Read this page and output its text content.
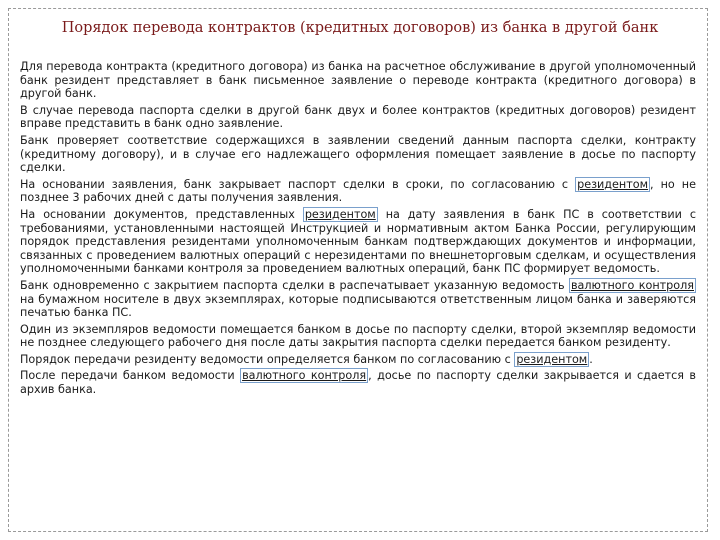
Порядок перевода контрактов (кредитных договоров) из банка в другой банк

Для перевода контракта (кредитного договора) из банка на расчетное обслуживание в другой уполномоченный банк резидент представляет в банк письменное заявление о переводе контракта (кредитного договора) в другой банк.

В случае перевода паспорта сделки в другой банк двух и более контрактов (кредитных договоров) резидент вправе представить в банк одно заявление.

Банк проверяет соответствие содержащихся в заявлении сведений данным паспорта сделки, контракту (кредитному договору), и в случае его надлежащего оформления помещает заявление в досье по паспорту сделки.

На основании заявления, банк закрывает паспорт сделки в сроки, по согласованию с резидентом , но не позднее 3 рабочих дней с даты получения заявления.

На основании документов, представленных резидентом на дату заявления в банк ПС в соответствии с требованиями, установленными настоящей Инструкцией и нормативным актом Банка России, регулирующим порядок представления резидентами уполномоченным банкам подтверждающих документов и информации, связанных с проведением валютных операций с нерезидентами по внешнеторговым сделкам, и осуществления уполномоченными банками контроля за проведением валютных операций, банк ПС формирует ведомость.

Банк одновременно с закрытием паспорта сделки в распечатывает указанную ведомость валютного контроля на бумажном носителе в двух экземплярах, которые подписываются ответственным лицом банка и заверяются печатью банка ПС.

Один из экземпляров ведомости помещается банком в досье по паспорту сделки, второй экземпляр ведомости не позднее следующего рабочего дня после даты закрытия паспорта сделки передается банком резиденту.

Порядок передачи резиденту ведомости определяется банком по согласованию с резидентом .

После передачи банком ведомости валютного контроля , досье по паспорту сделки закрывается и сдается в архив банка.
